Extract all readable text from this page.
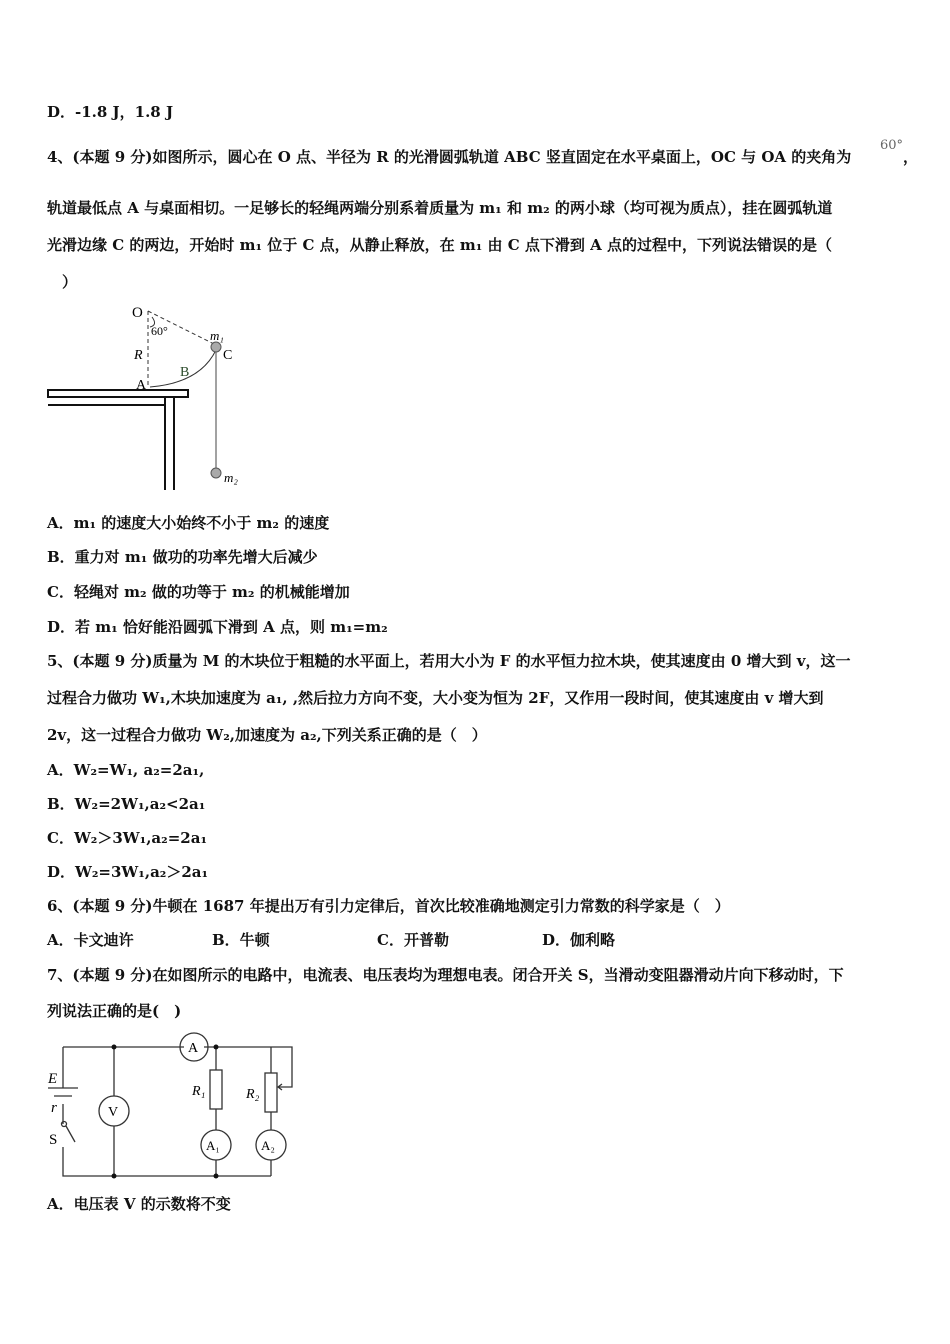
D．-1.8 J，1.8 J
4、(本题 9 分)如图所示，圆心在 O 点、半径为 R 的光滑圆弧轨道 ABC 竖直固定在水平桌面上，OC 与 OA 的夹角为
60°
，
轨道最低点 A 与桌面相切。一足够长的轻绳两端分别系着质量为 m₁ 和 m₂ 的两小球（均可视为质点），挂在圆弧轨道
光滑边缘 C 的两边，开始时 m₁ 位于 C 点，从静止释放，在 m₁ 由 C 点下滑到 A 点的过程中，下列说法错误的是（
）
O
60°
R
A
B
C
m₁
m₂
A．m₁ 的速度大小始终不小于 m₂ 的速度
B．重力对 m₁ 做功的功率先增大后减少
C．轻绳对 m₂ 做的功等于 m₂ 的机械能增加
D．若 m₁ 恰好能沿圆弧下滑到 A 点，则 m₁=m₂
5、(本题 9 分)质量为 M 的木块位于粗糙的水平面上，若用大小为 F 的水平恒力拉木块，使其速度由 0 增大到 v，这一
过程合力做功 W₁,木块加速度为 a₁, ,然后拉力方向不变，大小变为恒为 2F，又作用一段时间，使其速度由 v 增大到
2v，这一过程合力做功 W₂,加速度为 a₂,下列关系正确的是（　）
A．W₂=W₁, a₂=2a₁,
B．W₂=2W₁,a₂<2a₁
C．W₂＞3W₁,a₂=2a₁
D．W₂=3W₁,a₂＞2a₁
6、(本题 9 分)牛顿在 1687 年提出万有引力定律后，首次比较准确地测定引力常数的科学家是（　）
A．卡文迪许	B．牛顿	C．开普勒	D．伽利略
7、(本题 9 分)在如图所示的电路中，电流表、电压表均为理想电表。闭合开关 S，当滑动变阻器滑动片向下移动时，下
列说法正确的是(　)
E
r
S
V
A
R₁	R₂
A₁	A₂
A．电压表 V 的示数将不变
